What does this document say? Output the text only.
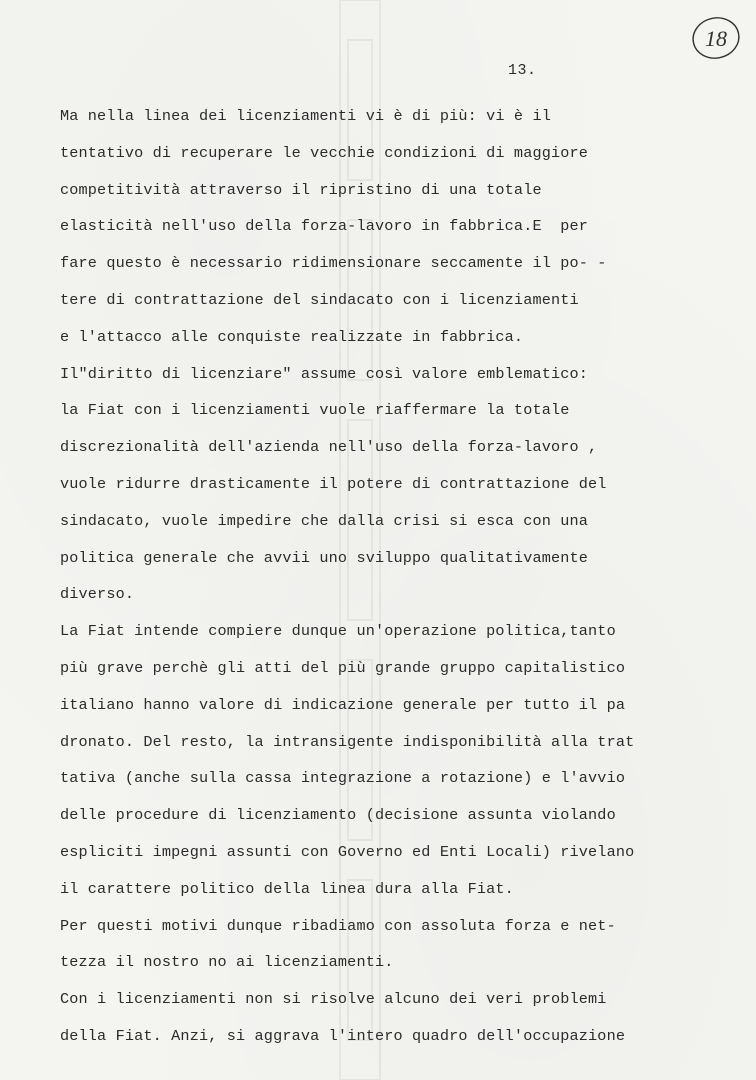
18
13.
Ma nella linea dei licenziamenti vi è di più: vi è il
tentativo di recuperare le vecchie condizioni di maggiore
competitività attraverso il ripristino di una totale
elasticità nell'uso della forza-lavoro in fabbrica.E  per
fare questo è necessario ridimensionare seccamente il po- -
tere di contrattazione del sindacato con i licenziamenti
e l'attacco alle conquiste realizzate in fabbrica.
Il"diritto di licenziare" assume così valore emblematico:
la Fiat con i licenziamenti vuole riaffermare la totale
discrezionalità dell'azienda nell'uso della forza-lavoro ,
vuole ridurre drasticamente il potere di contrattazione del
sindacato, vuole impedire che dalla crisi si esca con una
politica generale che avvii uno sviluppo qualitativamente
diverso.
La Fiat intende compiere dunque un'operazione politica,tanto
più grave perchè gli atti del più grande gruppo capitalistico
italiano hanno valore di indicazione generale per tutto il pa
dronato. Del resto, la intransigente indisponibilità alla trat
tativa (anche sulla cassa integrazione a rotazione) e l'avvio
delle procedure di licenziamento (decisione assunta violando
espliciti impegni assunti con Governo ed Enti Locali) rivelano
il carattere politico della linea dura alla Fiat.
Per questi motivi dunque ribadiamo con assoluta forza e net-
tezza il nostro no ai licenziamenti.
Con i licenziamenti non si risolve alcuno dei veri problemi
della Fiat. Anzi, si aggrava l'intero quadro dell'occupazione
